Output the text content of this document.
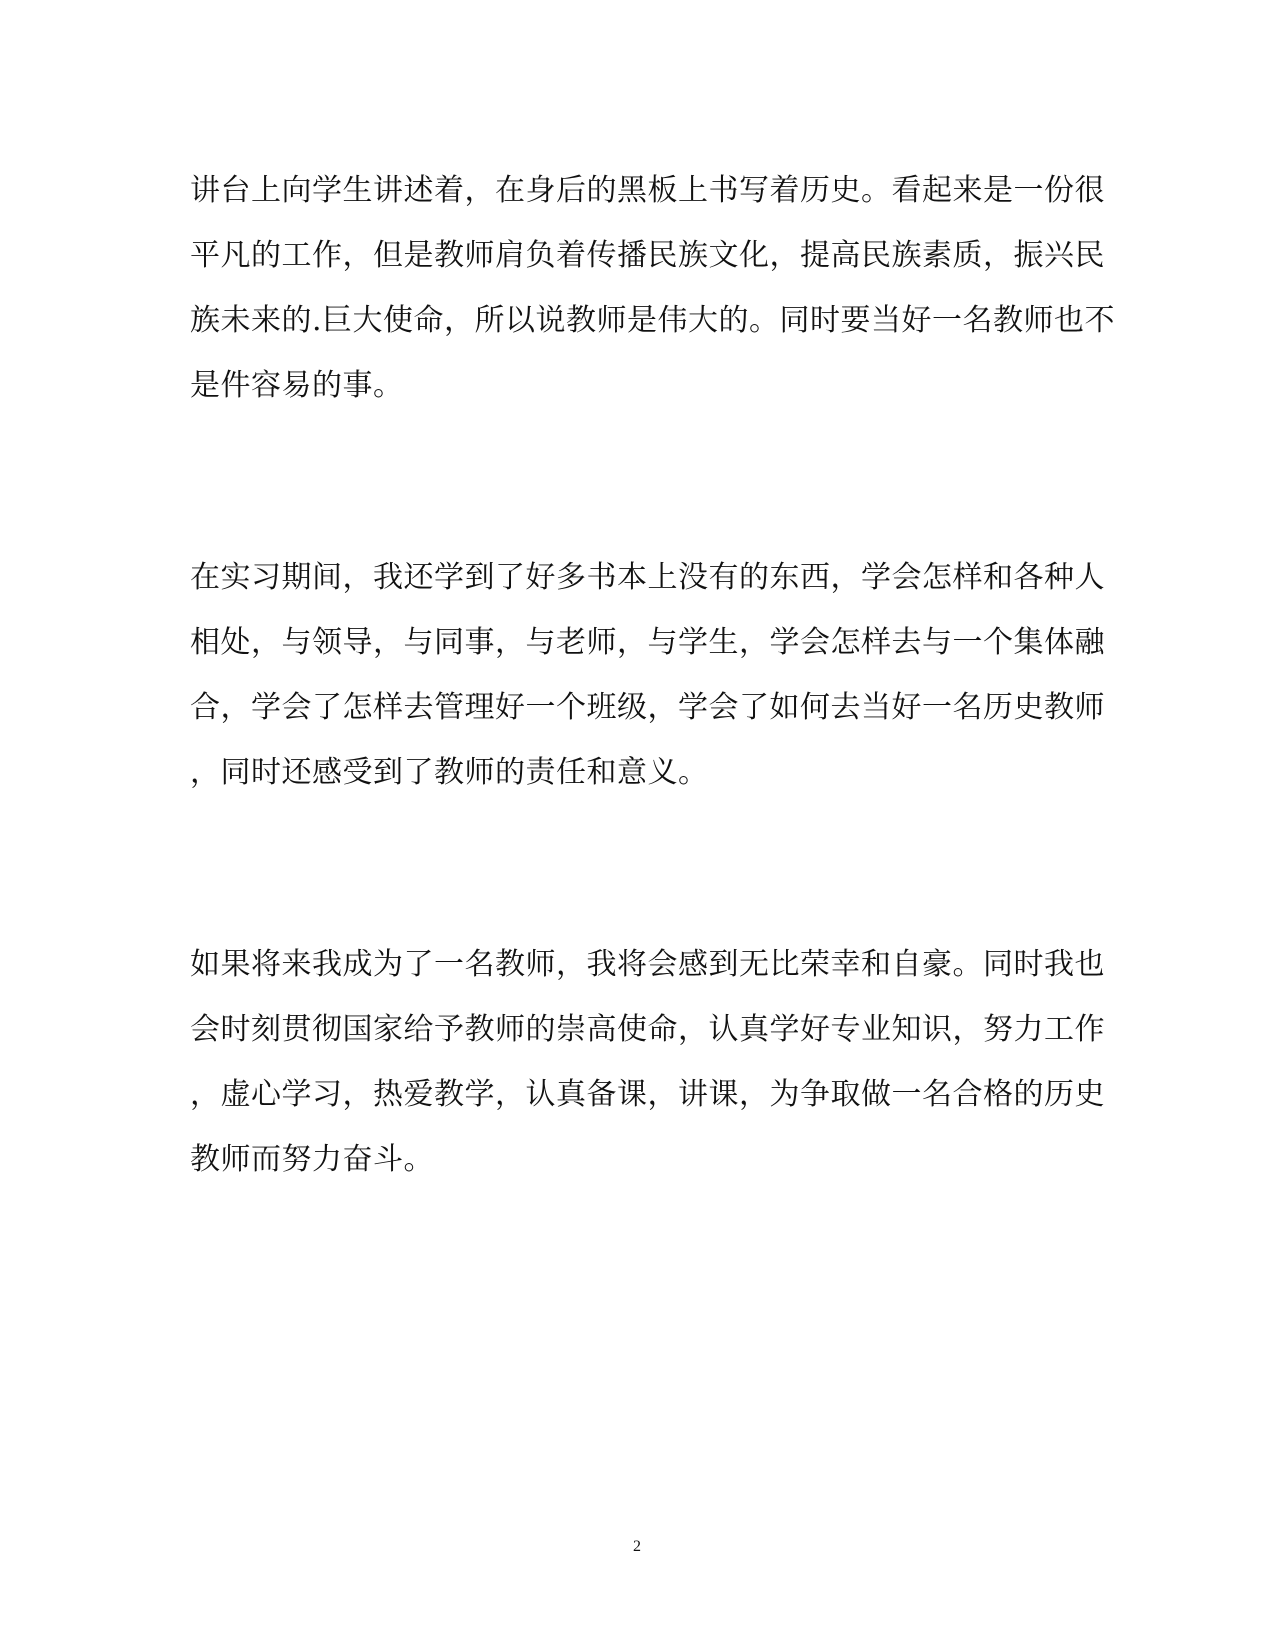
讲台上向学生讲述着，在身后的黑板上书写着历史。看起来是一份很
平凡的工作，但是教师肩负着传播民族文化，提高民族素质，振兴民
族未来的.巨大使命，所以说教师是伟大的。同时要当好一名教师也不
是件容易的事。
在实习期间，我还学到了好多书本上没有的东西，学会怎样和各种人
相处，与领导，与同事，与老师，与学生，学会怎样去与一个集体融
合，学会了怎样去管理好一个班级，学会了如何去当好一名历史教师
，同时还感受到了教师的责任和意义。
如果将来我成为了一名教师，我将会感到无比荣幸和自豪。同时我也
会时刻贯彻国家给予教师的崇高使命，认真学好专业知识，努力工作
，虚心学习，热爱教学，认真备课，讲课，为争取做一名合格的历史
教师而努力奋斗。
2
